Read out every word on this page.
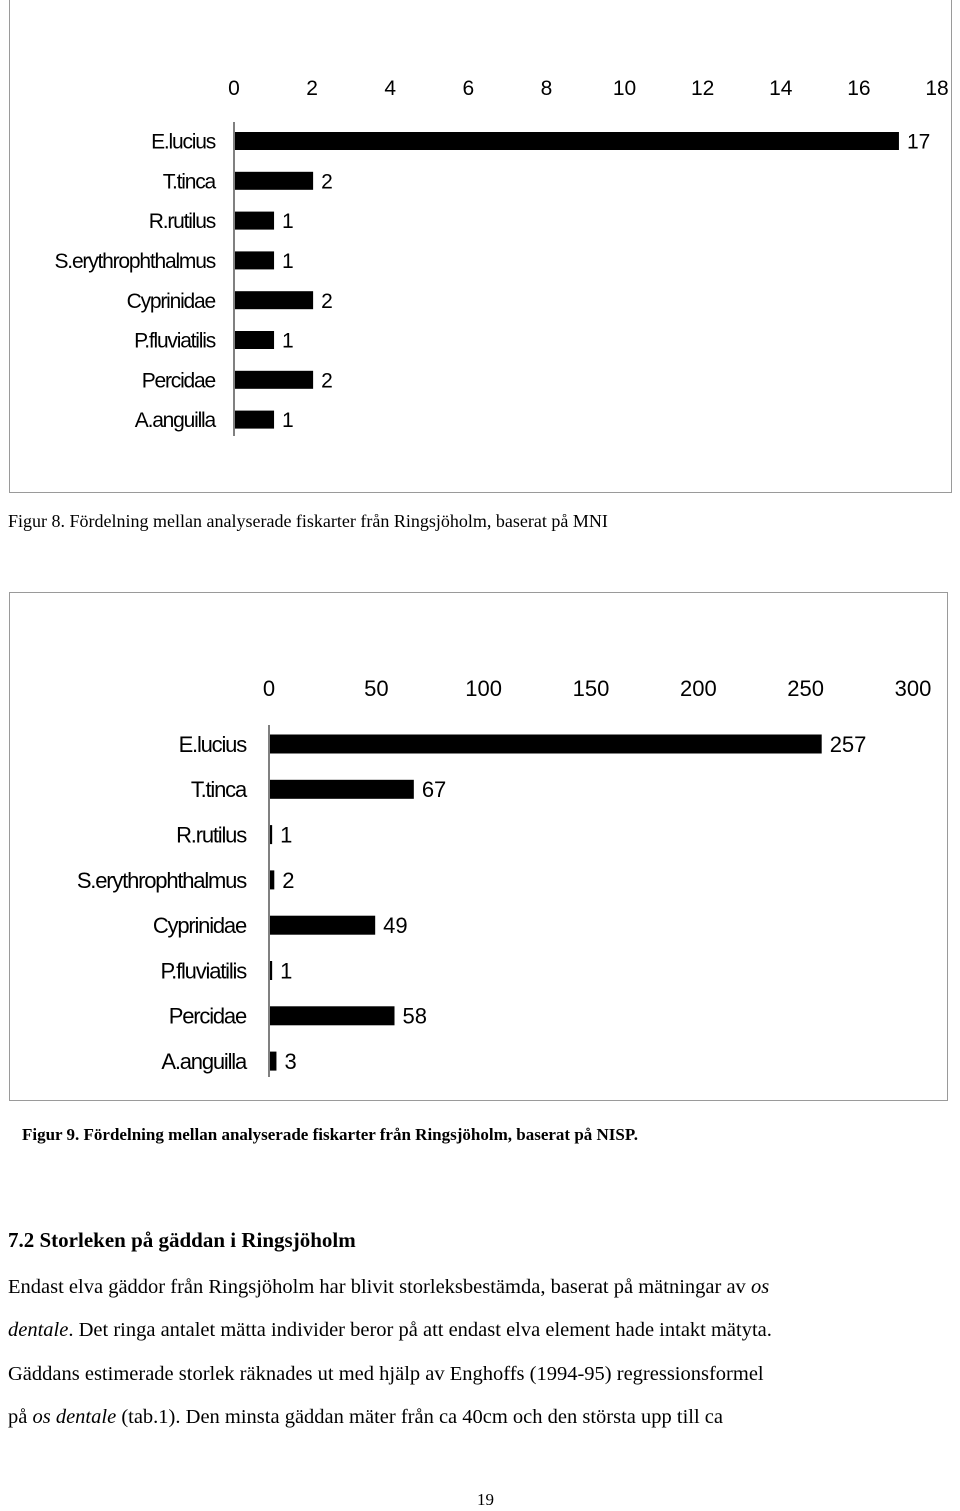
0	2	4	6	8	10	12	14	16	18
E.lucius	17
T.tinca	2
R.rutilus	1
S.erythrophthalmus	1
Cyprinidae	2
P.fluviatilis	1
Percidae	2
A.anguilla	1
Figur 8. Fördelning mellan analyserade fiskarter från Ringsjöholm, baserat på MNI
0	50	100	150	200	250	300
E.lucius	257
T.tinca	67
R.rutilus 1
S.erythrophthalmus 2
Cyprinidae	49
P.fluviatilis 1
Percidae	58
A.anguilla 3
Figur 9. Fördelning mellan analyserade fiskarter från Ringsjöholm, baserat på NISP.
7.2 Storleken på gäddan i Ringsjöholm
Endast elva gäddor från Ringsjöholm har blivit storleksbestämda, baserat på mätningar av os
dentale. Det ringa antalet mätta individer beror på att endast elva element hade intakt mätyta.
Gäddans estimerade storlek räknades ut med hjälp av Enghoffs (1994-95) regressionsformel
på os dentale (tab.1). Den minsta gäddan mäter från ca 40cm och den största upp till ca
19
